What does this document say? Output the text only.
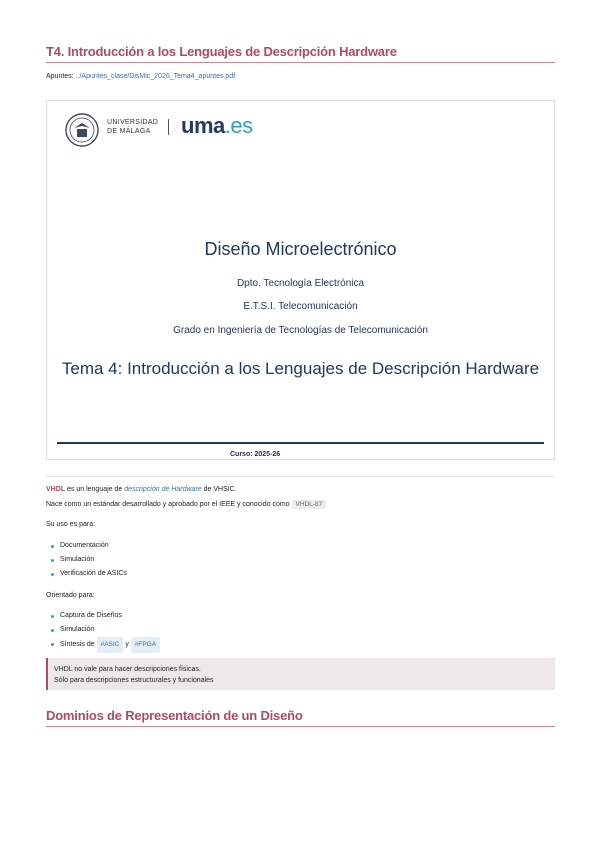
T4. Introducción a los Lenguajes de Descripción Hardware
Apuntes: ../Apuntes_clase/DisMic_2026_Tema4_apuntes.pdf
UNIVERSIDAD
DE MÁLAGA	uma.es
Diseño Microelectrónico
Dpto. Tecnología Electrónica
E.T.S.I. Telecomunicación
Grado en Ingeniería de Tecnologías de Telecomunicación
Tema 4: Introducción a los Lenguajes de Descripción Hardware
Curso: 2025-26
VHDL es un lenguaje de descripción de Hardware de VHSIC.
Nace como un estándar desarrollado y aprobado por el IEEE y conocido como VHDL-87
Su uso es para:
Documentación
Simulación
Verificación de ASICs
Orientado para:
Captura de Diseños
Simulación
Síntesis de #ASIC y #FPGA
VHDL no vale para hacer descripciones físicas.
Sólo para descripciones estructurales y funcionales
Dominios de Representación de un Diseño
